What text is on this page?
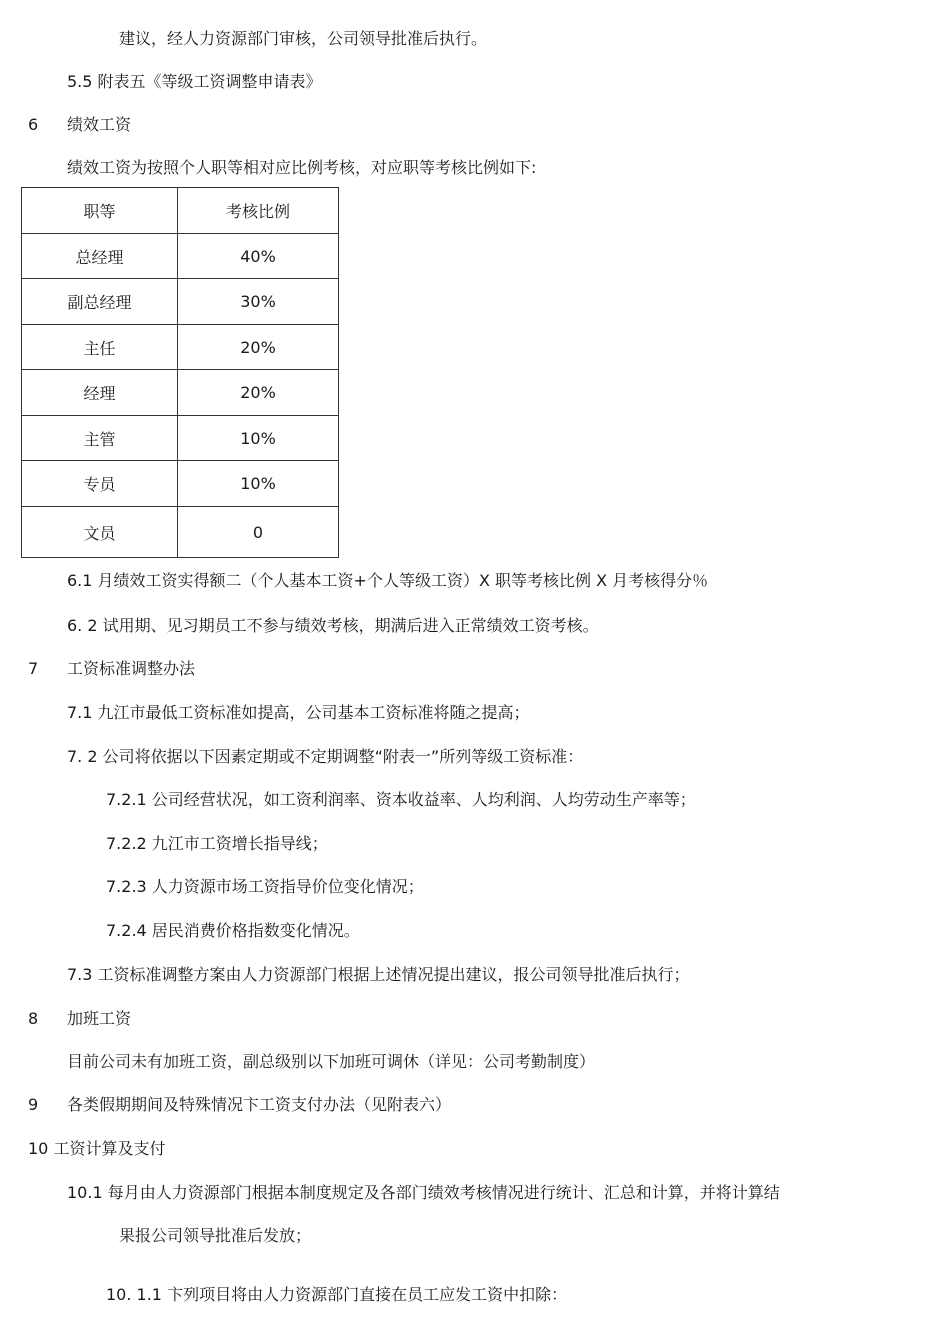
建议，经人力资源部门审核，公司领导批准后执行。
5.5 附表五《等级工资调整申请表》
6 绩效工资
绩效工资为按照个人职等相对应比例考核，对应职等考核比例如下:
职等	考核比例
总经理	40%
副总经理	30%
主任	20%
经理	20%
主管	10%
专员	10%
文员	0
6.1 月绩效工资实得额二（个人基本工资+个人等级工资）X 职等考核比例 X 月考核得分％
6. 2 试用期、见习期员工不参与绩效考核，期满后进入正常绩效工资考核。
7 工资标准调整办法
7.1 九江市最低工资标准如提高，公司基本工资标准将随之提高；
7. 2 公司将依据以下因素定期或不定期调整“附表一”所列等级工资标准：
7.2.1 公司经营状况，如工资利润率、资本收益率、人均利润、人均劳动生产率等；
7.2.2 九江市工资增长指导线；
7.2.3 人力资源市场工资指导价位变化情况；
7.2.4 居民消费价格指数变化情况。
7.3 工资标准调整方案由人力资源部门根据上述情况提出建议，报公司领导批准后执行；
8 加班工资
目前公司未有加班工资，副总级别以下加班可调休（详见：公司考勤制度）
9 各类假期期间及特殊情况卞工资支付办法（见附表六）
10 工资计算及支付
10.1 每月由人力资源部门根据本制度规定及各部门绩效考核情况进行统计、汇总和计算，并将计算结
果报公司领导批准后发放；
10. 1.1 卞列项目将由人力资源部门直接在员工应发工资中扣除：
